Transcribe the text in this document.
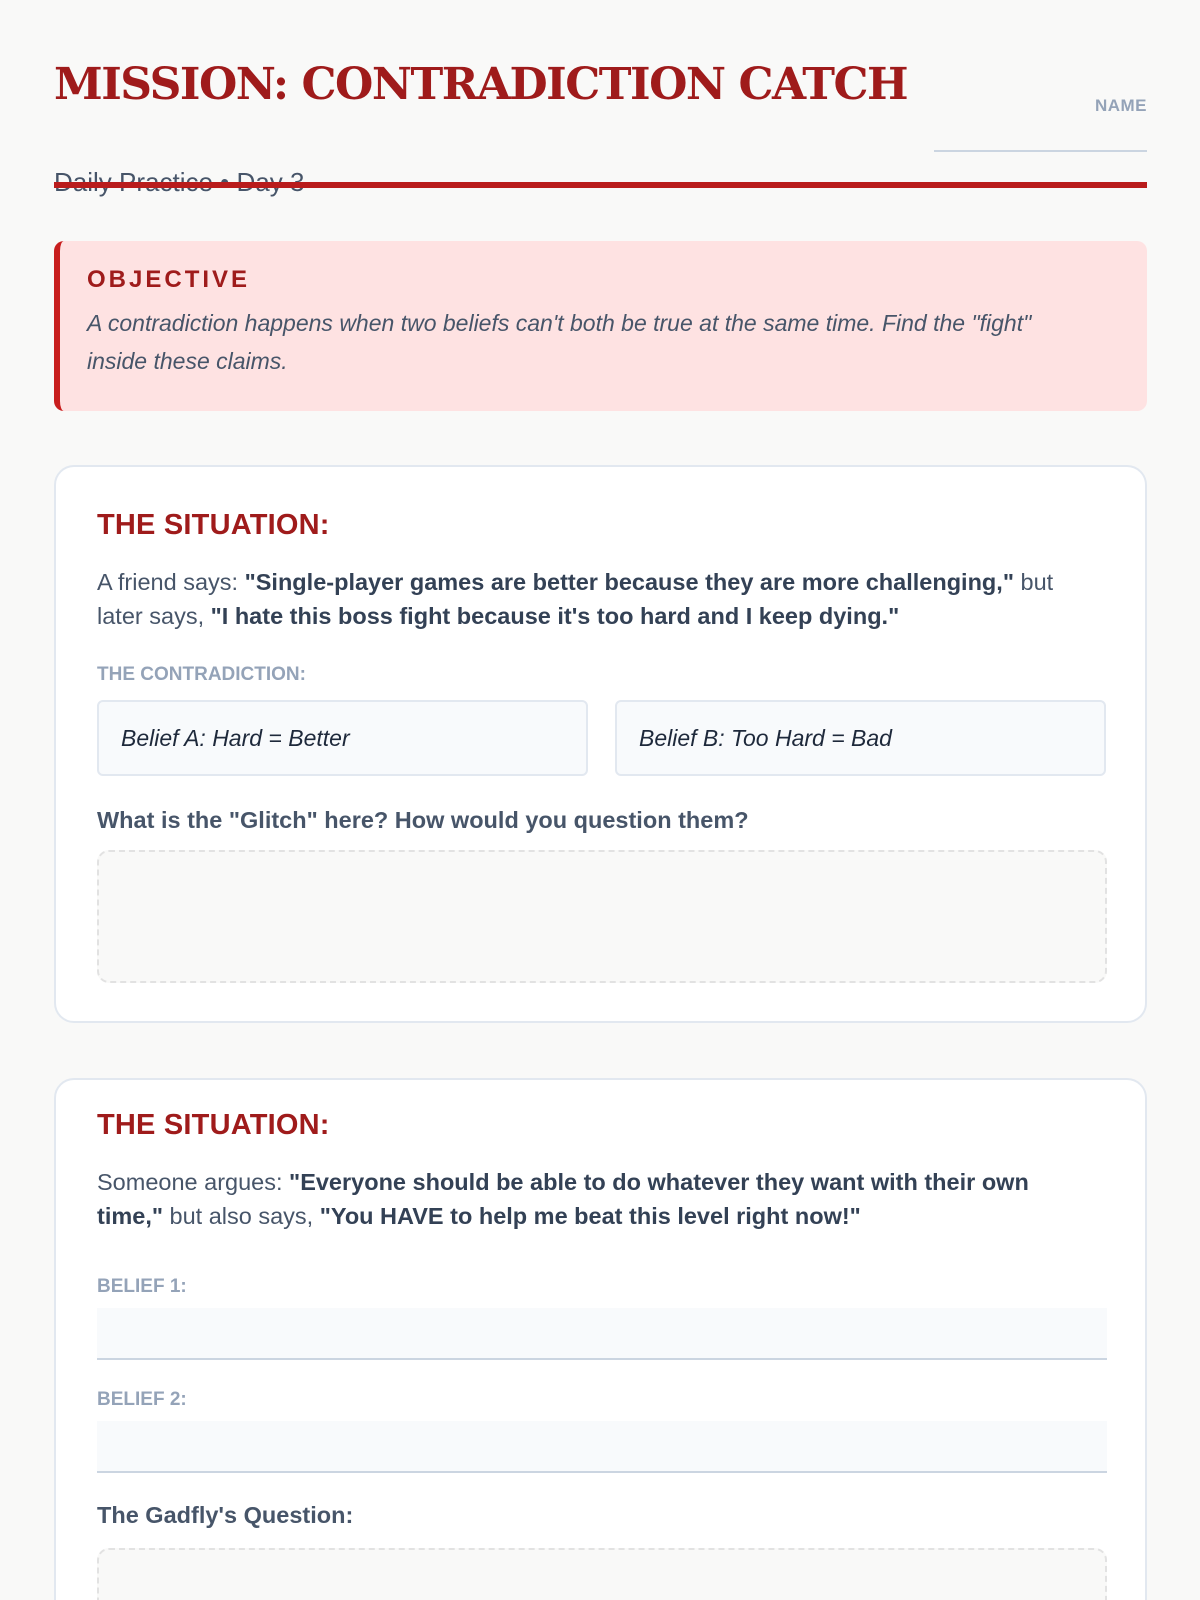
MISSION: CONTRADICTION CATCH	NAME
OBJECTIVE
A contradiction happens when two beliefs can't both be true at the same time. Find the "fight" inside these claims.
THE SITUATION:

A friend says: "Single-player games are better because they are more challenging," but later says, "I hate this boss fight because it's too hard and I keep dying."

THE CONTRADICTION:
Belief A: Hard = Better	Belief B: Too Hard = Bad
What is the "Glitch" here? How would you question them?
THE SITUATION:

Someone argues: "Everyone should be able to do whatever they want with their own time," but also says, "You HAVE to help me beat this level right now!"

BELIEF 1:
BELIEF 2:
The Gadfly's Question:
